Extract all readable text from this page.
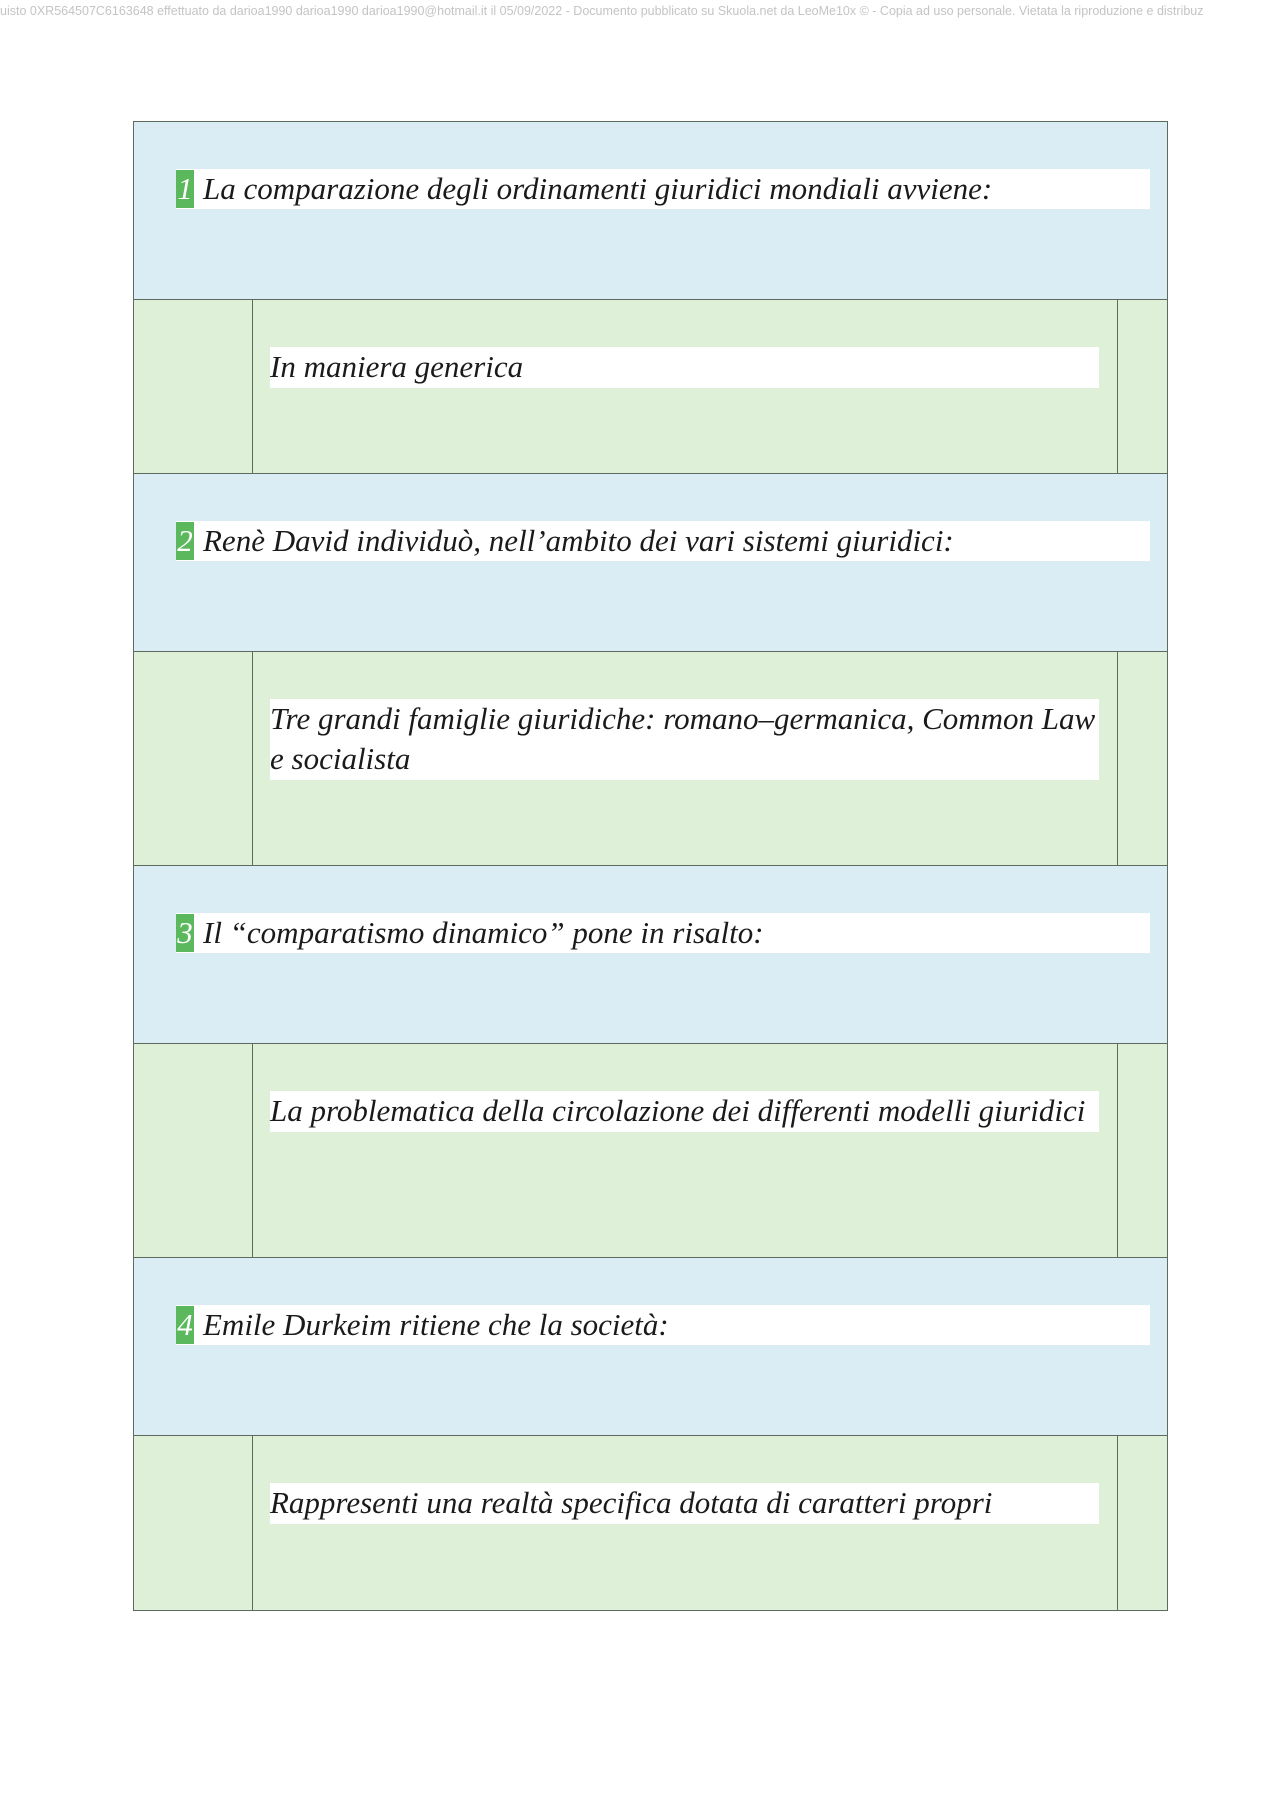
uisto 0XR564507C6163648 effettuato da darioa1990 darioa1990 darioa1990@hotmail.it il 05/09/2022 - Documento pubblicato su Skuola.net da LeoMe10x © - Copia ad uso personale. Vietata la riproduzione e distribuz
1 La comparazione degli ordinamenti giuridici mondiali avviene:
In maniera generica
2 Renè David individuò, nell’ambito dei vari sistemi giuridici:
Tre grandi famiglie giuridiche: romano–germanica, Common Law e socialista
3 Il “comparatismo dinamico” pone in risalto:
La problematica della circolazione dei differenti modelli giuridici
4 Emile Durkeim ritiene che la società:
Rappresenti una realtà specifica dotata di caratteri propri
